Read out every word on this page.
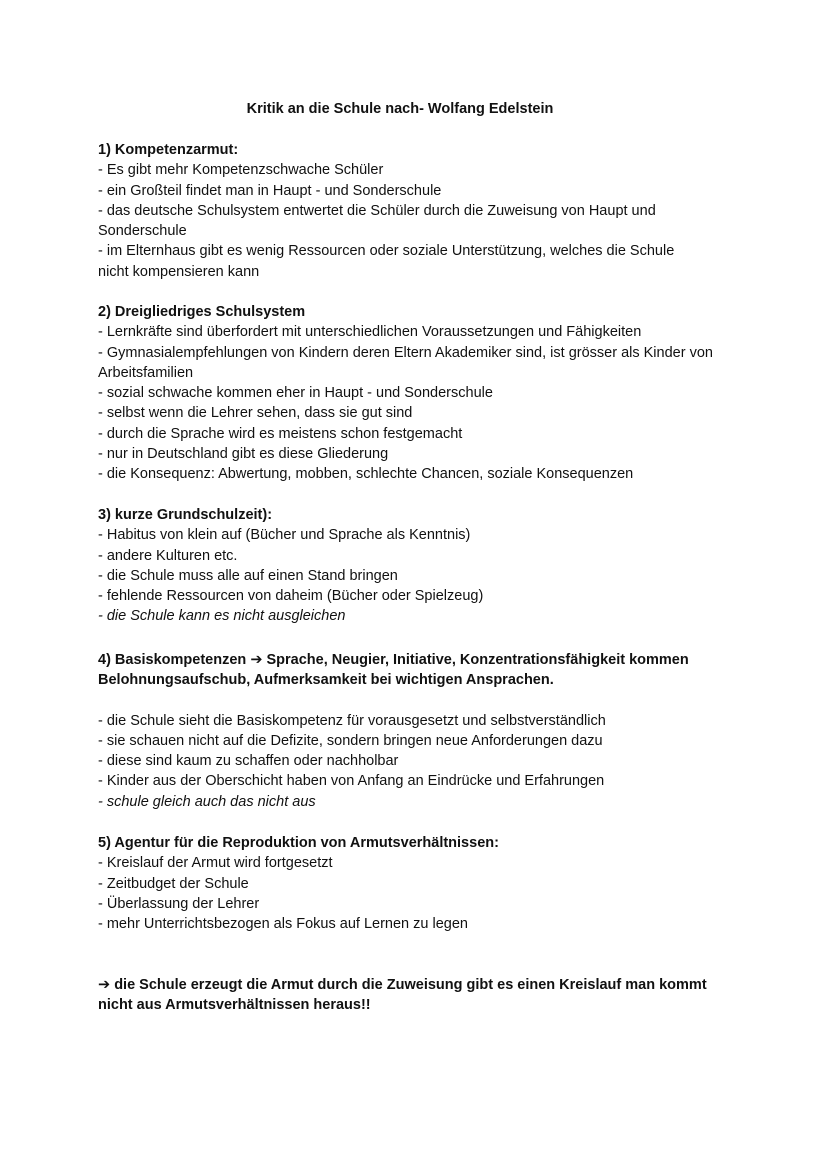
Kritik an die Schule nach- Wolfang Edelstein
1) Kompetenzarmut:
- Es gibt mehr Kompetenzschwache Schüler
- ein Großteil findet man in Haupt - und Sonderschule
- das deutsche Schulsystem entwertet die Schüler durch die Zuweisung von Haupt und Sonderschule
- im Elternhaus gibt es wenig Ressourcen oder soziale Unterstützung, welches die Schule nicht kompensieren kann
2) Dreigliedriges Schulsystem
- Lernkräfte sind überfordert mit unterschiedlichen Voraussetzungen und Fähigkeiten
- Gymnasialempfehlungen von Kindern deren Eltern Akademiker sind, ist grösser als Kinder von Arbeitsfamilien
- sozial schwache kommen eher in Haupt - und Sonderschule
- selbst wenn die Lehrer sehen, dass sie gut sind
- durch die Sprache wird es meistens schon festgemacht
- nur in Deutschland gibt es diese Gliederung
- die Konsequenz: Abwertung, mobben, schlechte Chancen, soziale Konsequenzen
3) kurze Grundschulzeit):
- Habitus von klein auf (Bücher und Sprache als Kenntnis)
- andere Kulturen etc.
- die Schule muss alle auf einen Stand bringen
- fehlende Ressourcen von daheim (Bücher oder Spielzeug)
- die Schule kann es nicht ausgleichen
4) Basiskompetenzen ➔ Sprache, Neugier, Initiative, Konzentrationsfähigkeit kommen Belohnungsaufschub, Aufmerksamkeit bei wichtigen Ansprachen.
- die Schule sieht die Basiskompetenz für vorausgesetzt und selbstverständlich
- sie schauen nicht auf die Defizite, sondern bringen neue Anforderungen dazu
- diese sind kaum zu schaffen oder nachholbar
- Kinder aus der Oberschicht haben von Anfang an Eindrücke und Erfahrungen
- schule gleich auch das nicht aus
5) Agentur für die Reproduktion von Armutsverhältnissen:
- Kreislauf der Armut wird fortgesetzt
- Zeitbudget der Schule
- Überlassung der Lehrer
- mehr Unterrichtsbezogen als Fokus auf Lernen zu legen
➔ die Schule erzeugt die Armut durch die Zuweisung gibt es einen Kreislauf man kommt nicht aus Armutsverhältnissen heraus!!
